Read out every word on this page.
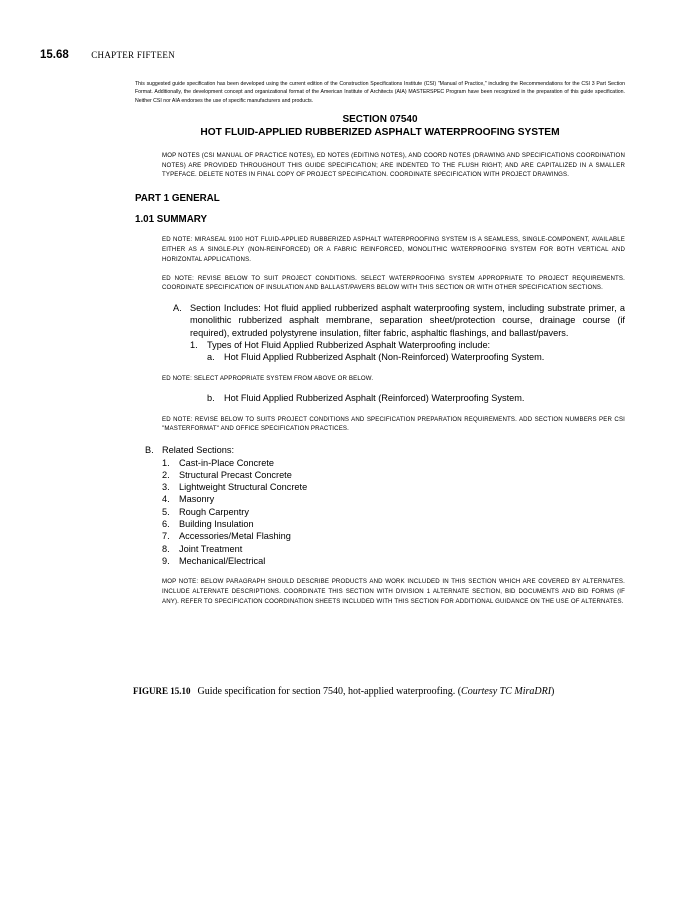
15.68 CHAPTER FIFTEEN

This suggested guide specification has been developed using the current edition of the Construction Specifications Institute (CSI) "Manual of Practice," including the Recommendations for the CSI 3 Part Section Format. Additionally, the development concept and organizational format of the American Institute of Architects (AIA) MASTERSPEC Program have been recognized in the preparation of this guide specification. Neither CSI nor AIA endorses the use of specific manufacturers and products.

SECTION 07540
HOT FLUID-APPLIED RUBBERIZED ASPHALT WATERPROOFING SYSTEM

MOP NOTES (CSI MANUAL OF PRACTICE NOTES), ED NOTES (EDITING NOTES), AND COORD NOTES (DRAWING AND SPECIFICATIONS COORDINATION NOTES) ARE PROVIDED THROUGHOUT THIS GUIDE SPECIFICATION; ARE INDENTED TO THE FLUSH RIGHT; AND ARE CAPITALIZED IN A SMALLER TYPEFACE. DELETE NOTES IN FINAL COPY OF PROJECT SPECIFICATION. COORDINATE SPECIFICATION WITH PROJECT DRAWINGS.

PART 1 GENERAL
1.01 SUMMARY

ED NOTE: MIRASEAL 9100 HOT FLUID-APPLIED RUBBERIZED ASPHALT WATERPROOFING SYSTEM IS A SEAMLESS, SINGLE-COMPONENT, AVAILABLE EITHER AS A SINGLE-PLY (NON-REINFORCED) OR A FABRIC REINFORCED, MONOLITHIC WATERPROOFING SYSTEM FOR BOTH VERTICAL AND HORIZONTAL APPLICATIONS.

ED NOTE: REVISE BELOW TO SUIT PROJECT CONDITIONS. SELECT WATERPROOFING SYSTEM APPROPRIATE TO PROJECT REQUIREMENTS. COORDINATE SPECIFICATION OF INSULATION AND BALLAST/PAVERS BELOW WITH THIS SECTION OR WITH OTHER SPECIFICATION SECTIONS.

A. Section Includes: Hot fluid applied rubberized asphalt waterproofing system, including substrate primer, a monolithic rubberized asphalt membrane, separation sheet/protection course, drainage course (if required), extruded polystyrene insulation, filter fabric, asphaltic flashings, and ballast/pavers.
1.	Types of Hot Fluid Applied Rubberized Asphalt Waterproofing include:
a.	Hot Fluid Applied Rubberized Asphalt (Non-Reinforced) Waterproofing System.

ED NOTE: SELECT APPROPRIATE SYSTEM FROM ABOVE OR BELOW.

b.	Hot Fluid Applied Rubberized Asphalt (Reinforced) Waterproofing System.

ED NOTE: REVISE BELOW TO SUITS PROJECT CONDITIONS AND SPECIFICATION PREPARATION REQUIREMENTS. ADD SECTION NUMBERS PER CSI "MASTERFORMAT" AND OFFICE SPECIFICATION PRACTICES.

B. Related Sections:
1.	Cast-in-Place Concrete
2.	Structural Precast Concrete
3.	Lightweight Structural Concrete
4.	Masonry
5.	Rough Carpentry
6.	Building Insulation
7.	Accessories/Metal Flashing
8.	Joint Treatment
9.	Mechanical/Electrical

MOP NOTE: BELOW PARAGRAPH SHOULD DESCRIBE PRODUCTS AND WORK INCLUDED IN THIS SECTION WHICH ARE COVERED BY ALTERNATES. INCLUDE ALTERNATE DESCRIPTIONS. COORDINATE THIS SECTION WITH DIVISION 1 ALTERNATE SECTION, BID DOCUMENTS AND BID FORMS (IF ANY). REFER TO SPECIFICATION COORDINATION SHEETS INCLUDED WITH THIS SECTION FOR ADDITIONAL GUIDANCE ON THE USE OF ALTERNATES.

FIGURE 15.10 Guide specification for section 7540, hot-applied waterproofing. (Courtesy TC MiraDRI)
